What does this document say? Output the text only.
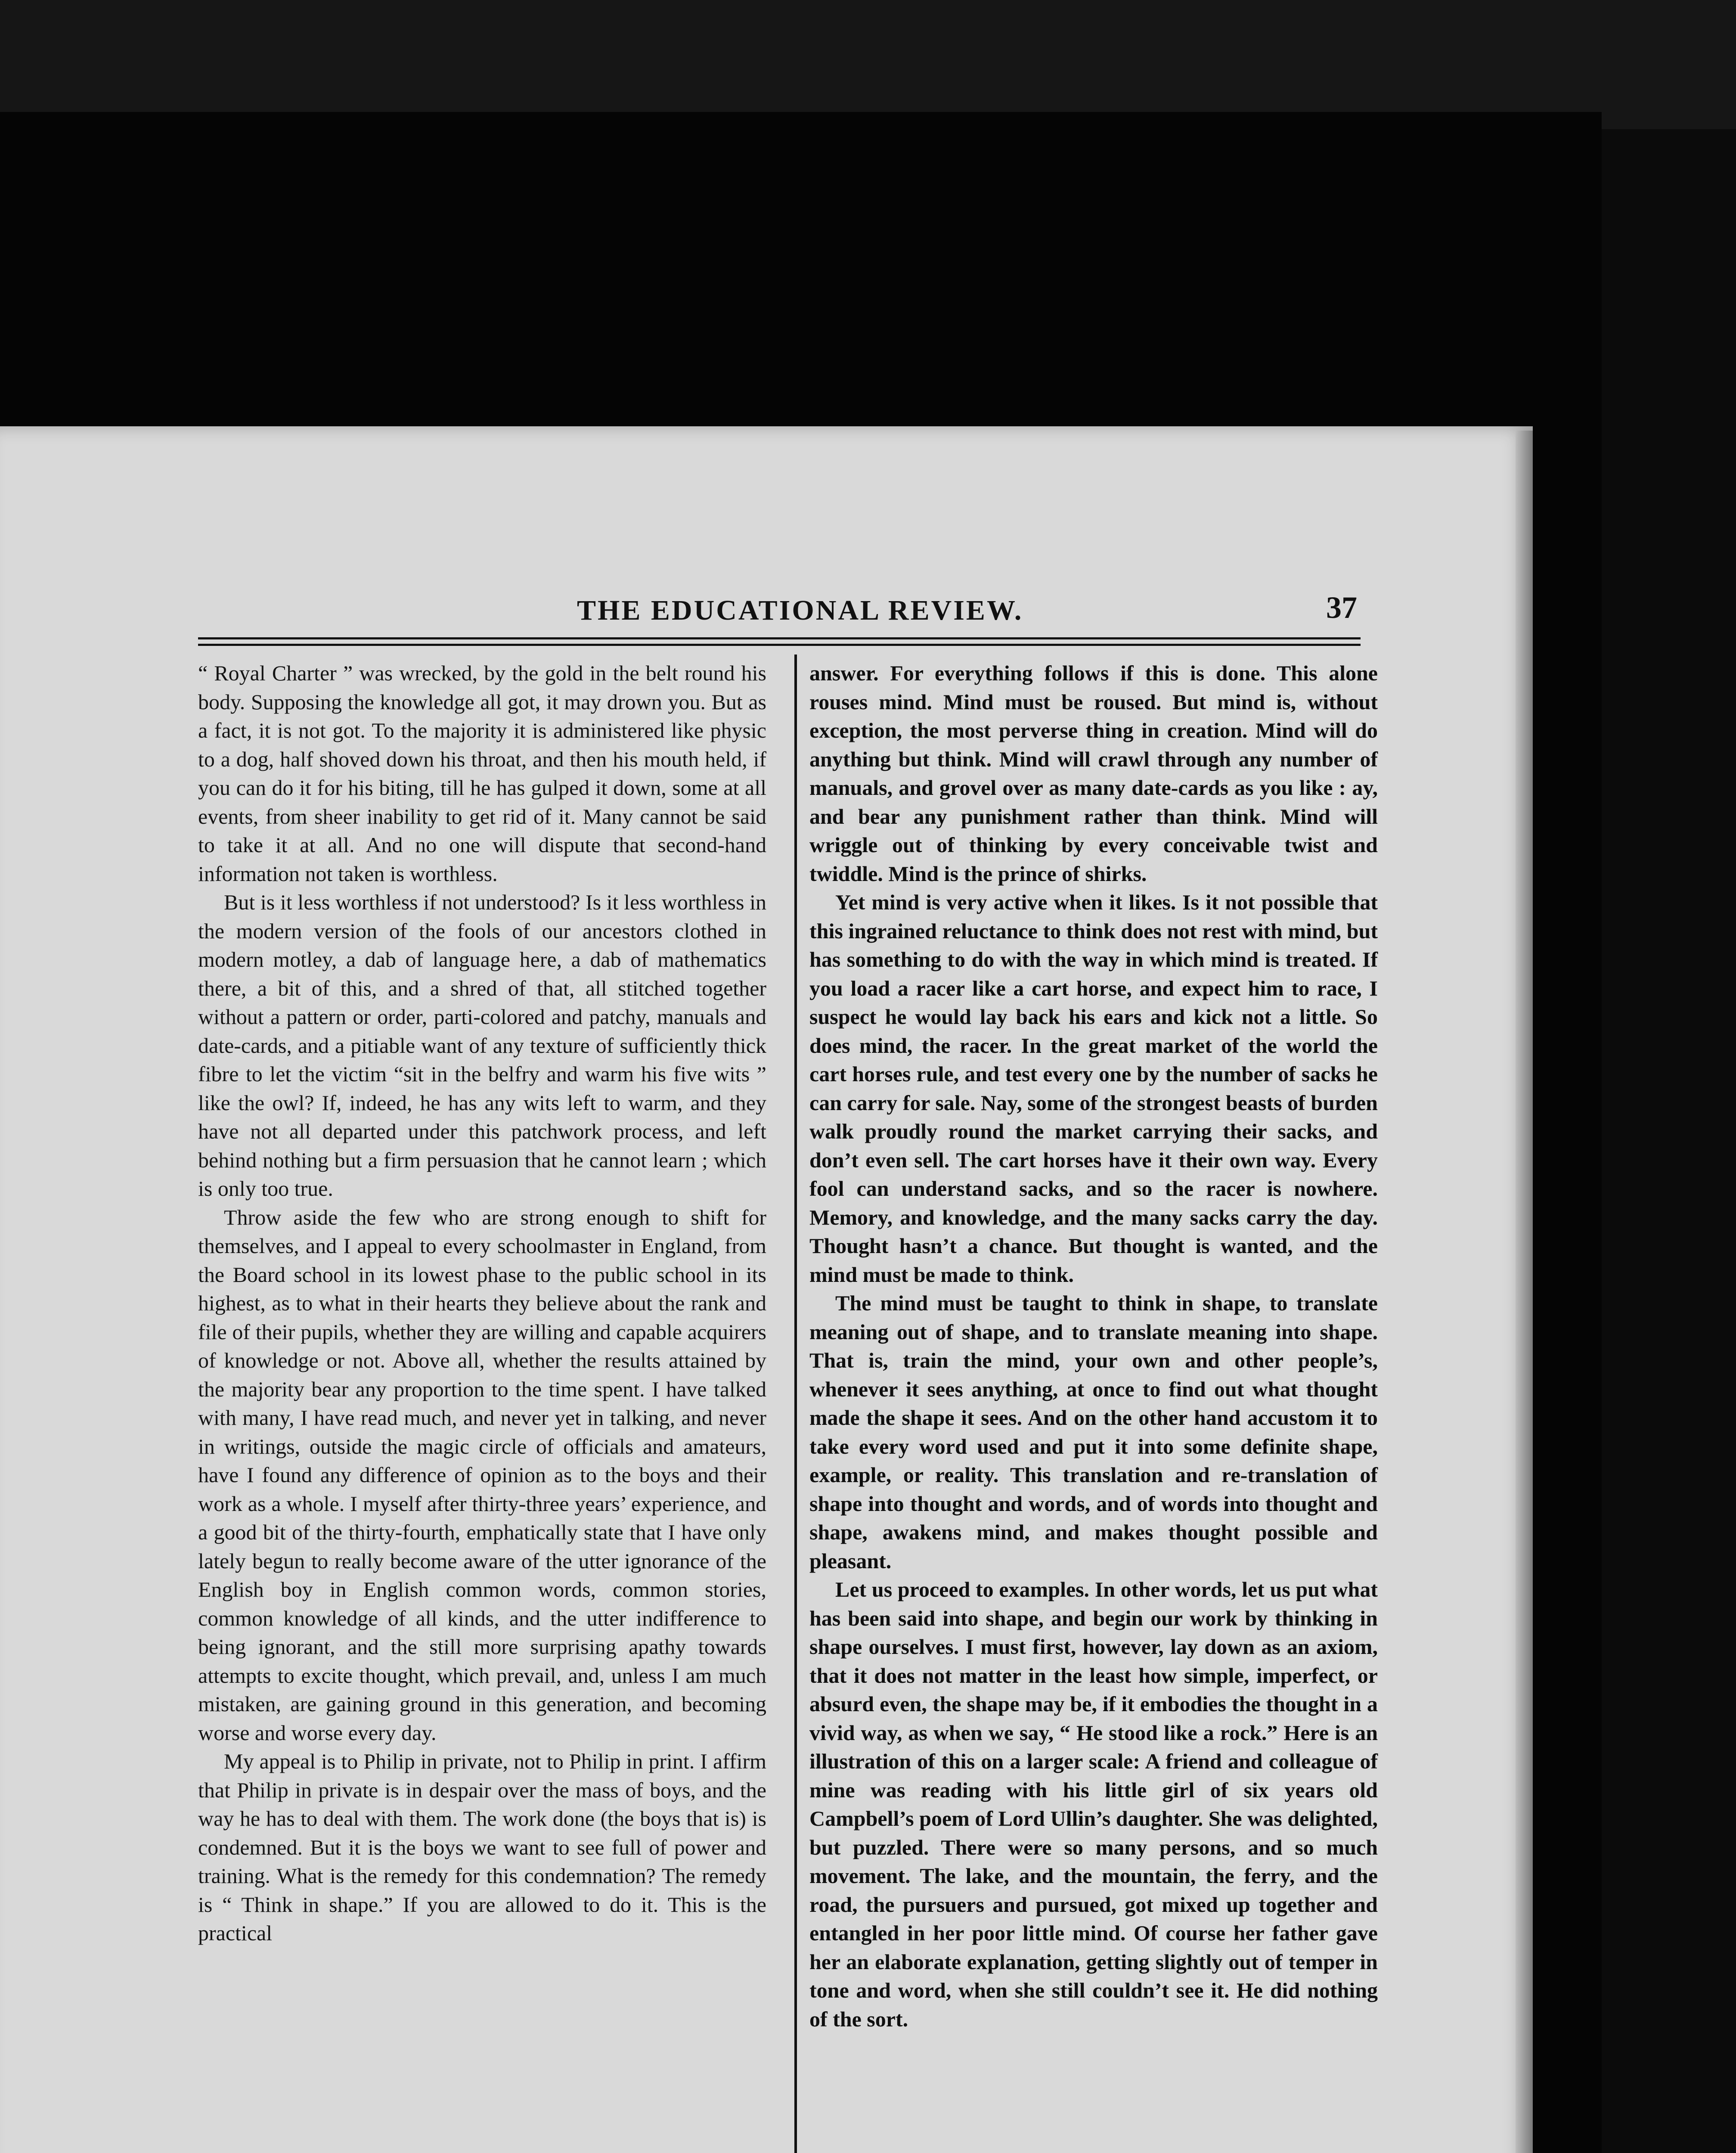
THE EDUCATIONAL REVIEW.	37

“ Royal Charter ” was wrecked, by the gold in the belt round his body. Supposing the knowledge all got, it may drown you. But as a fact, it is not got. To the majority it is administered like physic to a dog, half shoved down his throat, and then his mouth held, if you can do it for his biting, till he has gulped it down, some at all events, from sheer inability to get rid of it. Many cannot be said to take it at all. And no one will dispute that second-hand information not taken is worthless.

But is it less worthless if not understood? Is it less worthless in the modern version of the fools of our ancestors clothed in modern motley, a dab of language here, a dab of mathematics there, a bit of this, and a shred of that, all stitched together without a pattern or order, parti-colored and patchy, manuals and date-cards, and a pitiable want of any texture of sufficiently thick fibre to let the victim “sit in the belfry and warm his five wits ” like the owl? If, indeed, he has any wits left to warm, and they have not all departed under this patchwork process, and left behind nothing but a firm persuasion that he cannot learn ; which is only too true.

Throw aside the few who are strong enough to shift for themselves, and I appeal to every schoolmaster in England, from the Board school in its lowest phase to the public school in its highest, as to what in their hearts they believe about the rank and file of their pupils, whether they are willing and capable acquirers of knowledge or not. Above all, whether the results attained by the majority bear any proportion to the time spent. I have talked with many, I have read much, and never yet in talking, and never in writings, outside the magic circle of officials and amateurs, have I found any difference of opinion as to the boys and their work as a whole. I myself after thirty-three years’ experience, and a good bit of the thirty-fourth, emphatically state that I have only lately begun to really become aware of the utter ignorance of the English boy in English common words, common stories, common knowledge of all kinds, and the utter indifference to being ignorant, and the still more surprising apathy towards attempts to excite thought, which prevail, and, unless I am much mistaken, are gaining ground in this generation, and becoming worse and worse every day.

My appeal is to Philip in private, not to Philip in print. I affirm that Philip in private is in despair over the mass of boys, and the way he has to deal with them. The work done (the boys that is) is condemned. But it is the boys we want to see full of power and training. What is the remedy for this condemnation? The remedy is “ Think in shape.” If you are allowed to do it. This is the practical

answer. For everything follows if this is done. This alone rouses mind. Mind must be roused. But mind is, without exception, the most perverse thing in creation. Mind will do anything but think. Mind will crawl through any number of manuals, and grovel over as many date-cards as you like : ay, and bear any punishment rather than think. Mind will wriggle out of thinking by every conceivable twist and twiddle. Mind is the prince of shirks.

Yet mind is very active when it likes. Is it not possible that this ingrained reluctance to think does not rest with mind, but has something to do with the way in which mind is treated. If you load a racer like a cart horse, and expect him to race, I suspect he would lay back his ears and kick not a little. So does mind, the racer. In the great market of the world the cart horses rule, and test every one by the number of sacks he can carry for sale. Nay, some of the strongest beasts of burden walk proudly round the market carrying their sacks, and don’t even sell. The cart horses have it their own way. Every fool can understand sacks, and so the racer is nowhere. Memory, and knowledge, and the many sacks carry the day. Thought hasn’t a chance. But thought is wanted, and the mind must be made to think.

The mind must be taught to think in shape, to translate meaning out of shape, and to translate meaning into shape. That is, train the mind, your own and other people’s, whenever it sees anything, at once to find out what thought made the shape it sees. And on the other hand accustom it to take every word used and put it into some definite shape, example, or reality. This translation and re-translation of shape into thought and words, and of words into thought and shape, awakens mind, and makes thought possible and pleasant.

Let us proceed to examples. In other words, let us put what has been said into shape, and begin our work by thinking in shape ourselves. I must first, however, lay down as an axiom, that it does not matter in the least how simple, imperfect, or absurd even, the shape may be, if it embodies the thought in a vivid way, as when we say, “ He stood like a rock.” Here is an illustration of this on a larger scale: A friend and colleague of mine was reading with his little girl of six years old Campbell’s poem of Lord Ullin’s daughter. She was delighted, but puzzled. There were so many persons, and so much movement. The lake, and the mountain, the ferry, and the road, the pursuers and pursued, got mixed up together and entangled in her poor little mind. Of course her father gave her an elaborate explanation, getting slightly out of temper in tone and word, when she still couldn’t see it. He did nothing of the sort.
